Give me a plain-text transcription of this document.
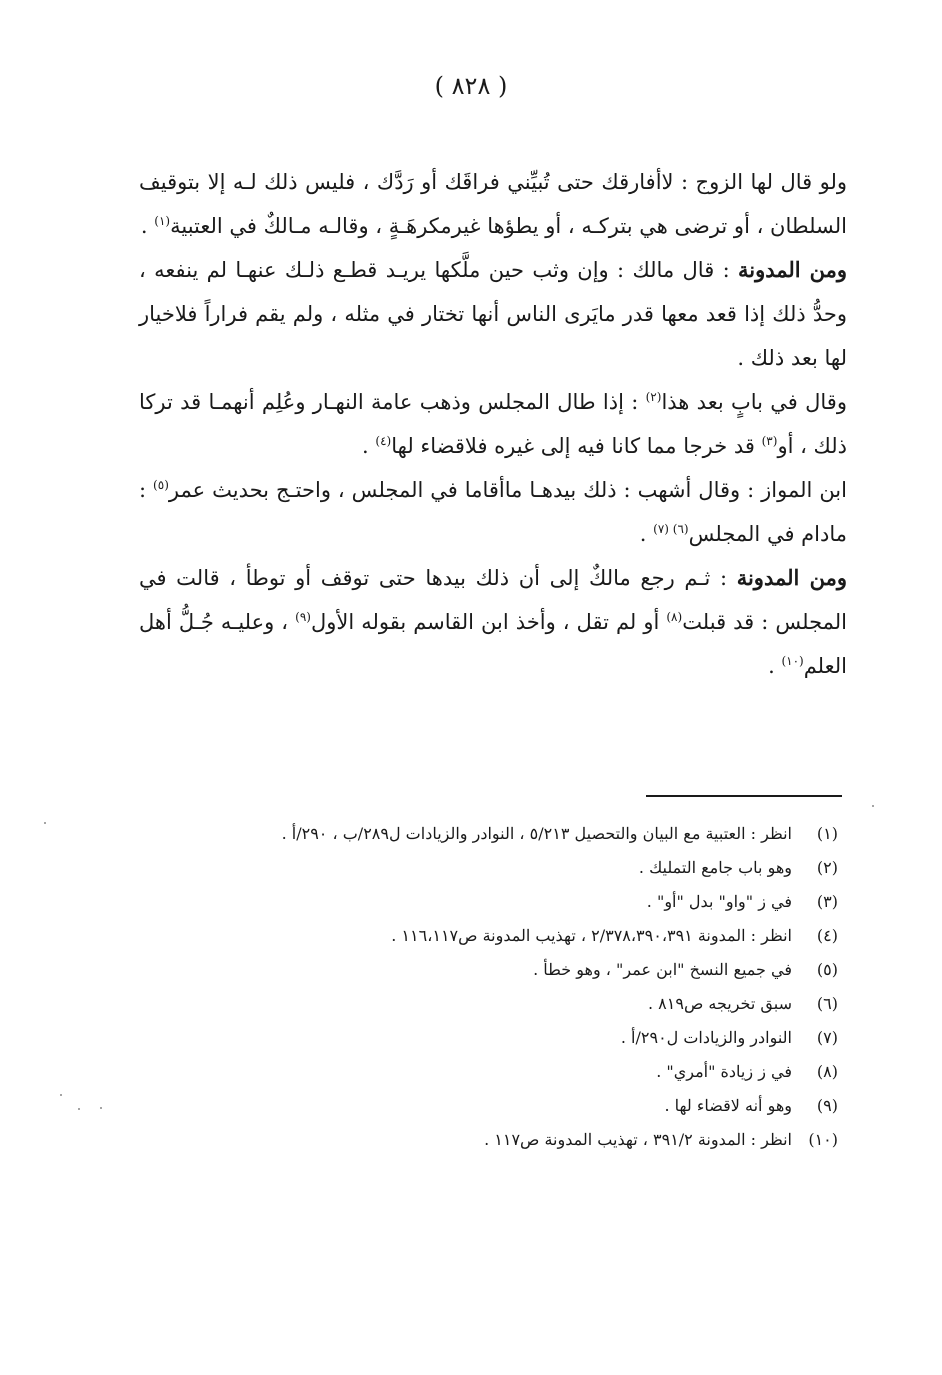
( ٨٢٨ )

ولو قال لها الزوج : لاأفارقك حتى تُبيِّني فراقَك أو رَدَّك ، فليس ذلك لـه إلا بتوقيف السلطان ، أو ترضى هي بتركـه ، أو يطؤها غيرمكرهَـةٍ ، وقالـه مـالكٌ في العتبية$^{(١)}$ .

ومن المدونة : قال مالك : وإن وثب حين ملَّكها يريـد قطـع ذلـك عنهـا لم ينفعه ، وحدُّ ذلك إذا قعد معها قدر مايَرى الناس أنها تختار في مثله ، ولم يقم فراراً فلاخيار لها بعد ذلك .

وقال في بابٍ بعد هذا$^{(٢)}$ : إذا طال المجلس وذهب عامة النهـار وعُلِم أنهمـا قد تركا ذلك ، أو$^{(٣)}$ قد خرجا مما كانا فيه إلى غيره فلاقضاء لها$^{(٤)}$ .

ابن المواز : وقال أشهب : ذلك بيدهـا ماأقاما في المجلس ، واحتـج بحديث عمر$^{(٥)}$ : مادام في المجلس$^{(٦) (٧)}$ .

ومن المدونة : ثـم رجع مالكٌ إلى أن ذلك بيدها حتى توقف أو توطأ ، قالت في المجلس : قد قبلت$^{(٨)}$ أو لم تقل ، وأخذ ابن القاسم بقوله الأول$^{(٩)}$ ، وعليـه جُـلُّ أهل العلم$^{(١٠)}$ .

(١)
انظر : العتبية مع البيان والتحصيل ٥/٢١٣ ، النوادر والزيادات ل٢٨٩/ب ، ٢٩٠/أ .
(٢)
وهو باب جامع التمليك .
(٣)
في ز "واو" بدل "أو" .
(٤)
انظر : المدونة ٢/٣٧٨،٣٩٠،٣٩١ ، تهذيب المدونة ص١١٦،١١٧ .
(٥)
في جميع النسخ "ابن عمر" ، وهو خطأ .
(٦)
سبق تخريجه ص٨١٩ .
(٧)
النوادر والزيادات ل٢٩٠/أ .
(٨)
في ز زيادة "أمري" .
(٩)
وهو أنه لاقضاء لها .
(١٠)
انظر : المدونة ٣٩١/٢ ، تهذيب المدونة ص١١٧ .
